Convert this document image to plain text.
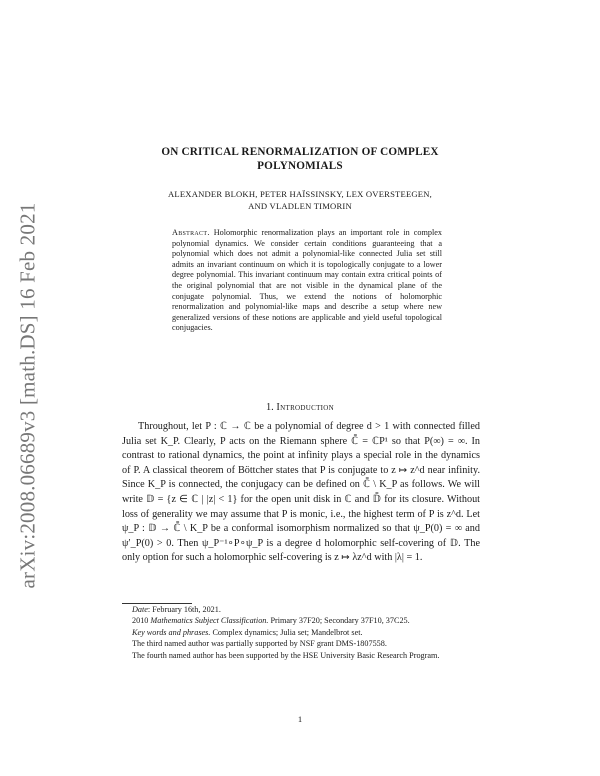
arXiv:2008.06689v3 [math.DS] 16 Feb 2021
ON CRITICAL RENORMALIZATION OF COMPLEX
POLYNOMIALS
ALEXANDER BLOKH, PETER HAÏSSINSKY, LEX OVERSTEEGEN,
AND VLADLEN TIMORIN
Abstract. Holomorphic renormalization plays an important role in complex polynomial dynamics. We consider certain conditions guaranteeing that a polynomial which does not admit a polynomial-like connected Julia set still admits an invariant continuum on which it is topologically conjugate to a lower degree polynomial. This invariant continuum may contain extra critical points of the original polynomial that are not visible in the dynamical plane of the conjugate polynomial. Thus, we extend the notions of holomorphic renormalization and polynomial-like maps and describe a setup where new generalized versions of these notions are applicable and yield useful topological conjugacies.
1. Introduction

Throughout, let P : ℂ → ℂ be a polynomial of degree d > 1 with connected filled Julia set K_P. Clearly, P acts on the Riemann sphere ℂ̄ = ℂP¹ so that P(∞) = ∞. In contrast to rational dynamics, the point at infinity plays a special role in the dynamics of P. A classical theorem of Böttcher states that P is conjugate to z ↦ z^d near infinity. Since K_P is connected, the conjugacy can be defined on ℂ̄ \ K_P as follows. We will write 𝔻 = {z ∈ ℂ | |z| < 1} for the open unit disk in ℂ and 𝔻̄ for its closure. Without loss of generality we may assume that P is monic, i.e., the highest term of P is z^d. Let ψ_P : 𝔻 → ℂ̄ \ K_P be a conformal isomorphism normalized so that ψ_P(0) = ∞ and ψ′_P(0) > 0. Then ψ_P⁻¹∘P∘ψ_P is a degree d holomorphic self-covering of 𝔻. The only option for such a holomorphic self-covering is z ↦ λz^d with |λ| = 1.

Date: February 16th, 2021.

2010 Mathematics Subject Classification. Primary 37F20; Secondary 37F10, 37C25.

Key words and phrases. Complex dynamics; Julia set; Mandelbrot set.

The third named author was partially supported by NSF grant DMS-1807558.

The fourth named author has been supported by the HSE University Basic Research Program.

1
